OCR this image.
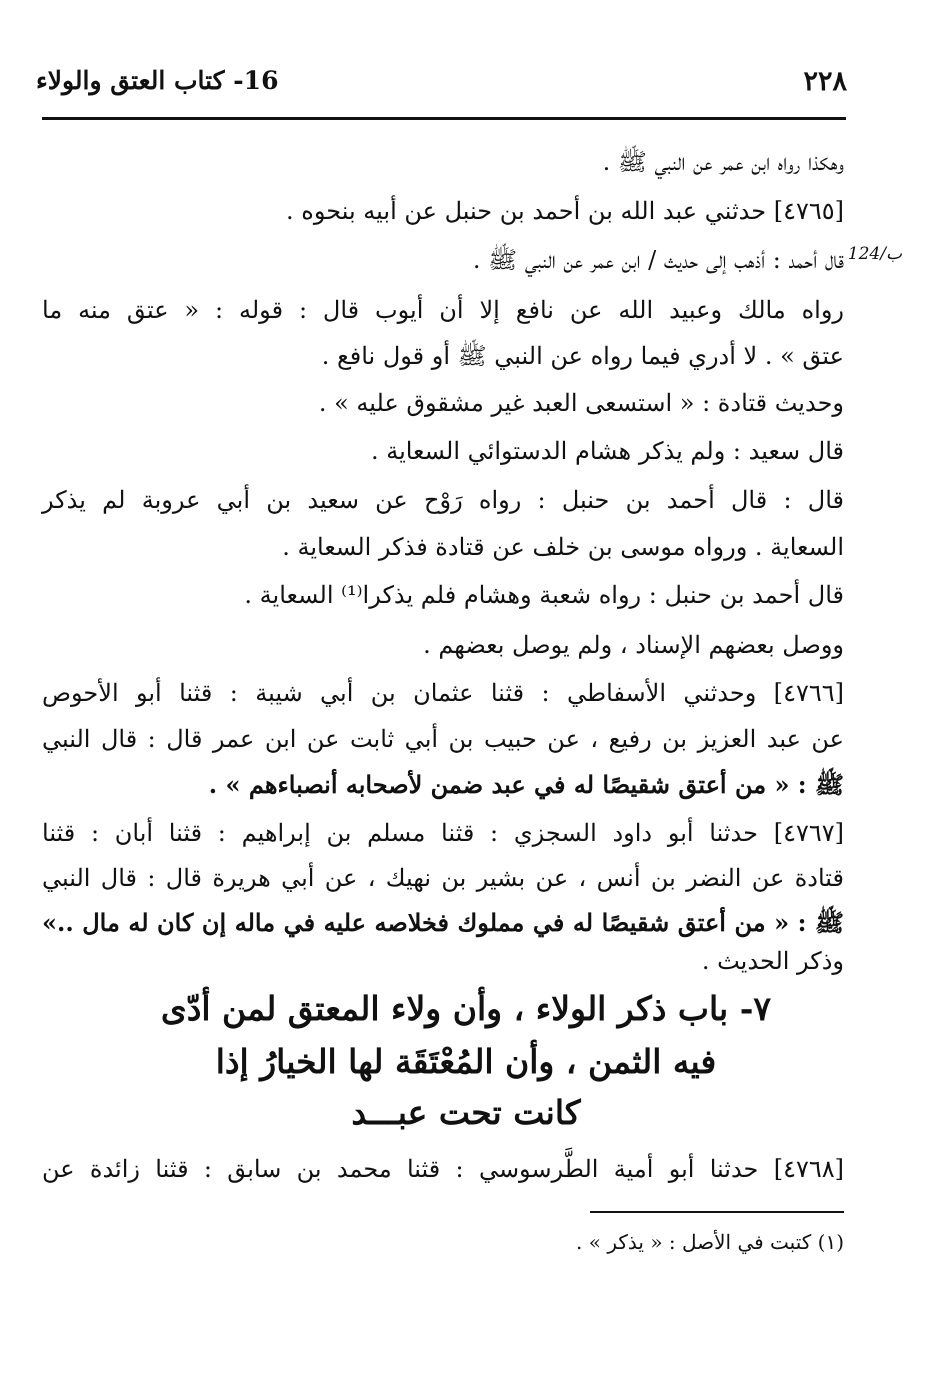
٢٢٨
16- كتاب العتق والولاء
124/ب
وهكذا رواه ابن عمر عن النبي ﷺ .
[٤٧٦٥] حدثني عبد الله بن أحمد بن حنبل عن أبيه بنحوه .
قال أحمد : أذهب إلى حديث / ابن عمر عن النبي ﷺ .
رواه مالك وعبيد الله عن نافع إلا أن أيوب قال : قوله : « عتق منه ما
عتق » . لا أدري فيما رواه عن النبي ﷺ أو قول نافع .
وحديث قتادة : « استسعى العبد غير مشقوق عليه » .
قال سعيد : ولم يذكر هشام الدستوائي السعاية .
قال : قال أحمد بن حنبل : رواه رَوْح عن سعيد بن أبي عروبة لم يذكر
السعاية . ورواه موسى بن خلف عن قتادة فذكر السعاية .
قال أحمد بن حنبل : رواه شعبة وهشام فلم يذكرا⁽¹⁾ السعاية .
ووصل بعضهم الإسناد ، ولم يوصل بعضهم .
[٤٧٦٦] وحدثني الأسفاطي : قثنا عثمان بن أبي شيبة : قثنا أبو الأحوص
عن عبد العزيز بن رفيع ، عن حبيب بن أبي ثابت عن ابن عمر قال : قال النبي
ﷺ : « من أعتق شقيصًا له في عبد ضمن لأصحابه أنصباءهم » .
[٤٧٦٧] حدثنا أبو داود السجزي : قثنا مسلم بن إبراهيم : قثنا أبان : قثنا
قتادة عن النضر بن أنس ، عن بشير بن نهيك ، عن أبي هريرة قال : قال النبي
ﷺ : « من أعتق شقيصًا له في مملوك فخلاصه عليه في ماله إن كان له مال ..»
وذكر الحديث .
٧- باب ذكر الولاء ، وأن ولاء المعتق لمن أدّى
فيه الثمن ، وأن المُعْتَقَة لها الخيارُ إذا
كانت تحت عبـــد
[٤٧٦٨] حدثنا أبو أمية الطَّرسوسي : قثنا محمد بن سابق : قثنا زائدة عن
(١) كتبت في الأصل : « يذكر » .
